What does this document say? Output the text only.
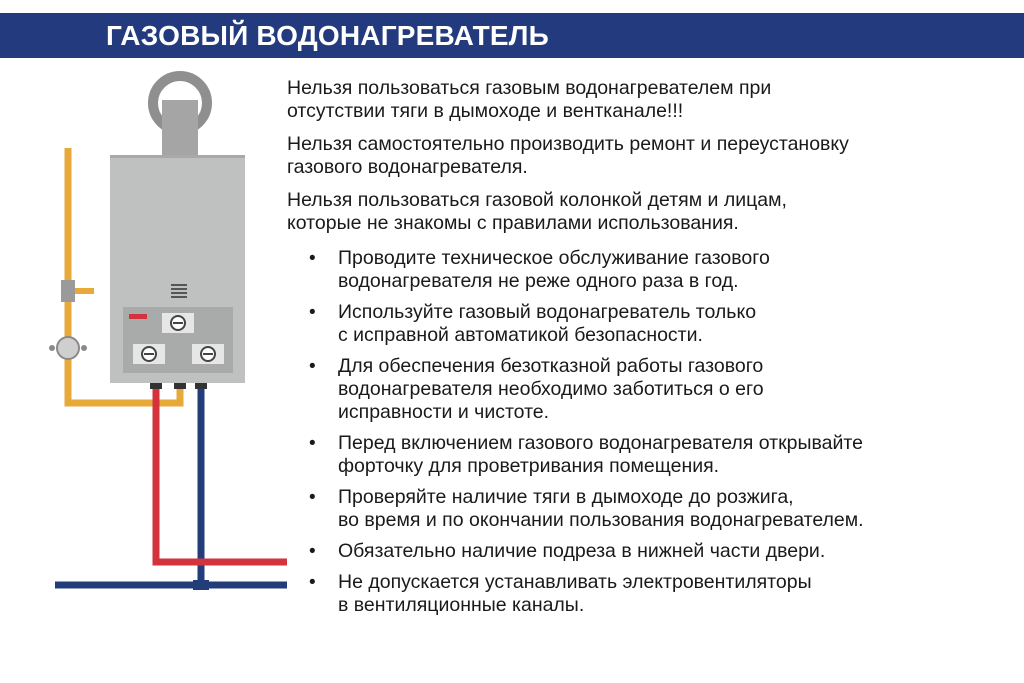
ГАЗОВЫЙ ВОДОНАГРЕВАТЕЛЬ

Нельзя пользоваться газовым водонагревателем при
отсутствии тяги в дымоходе и вентканале!!!

Нельзя самостоятельно производить ремонт и переустановку
газового водонагревателя.

Нельзя пользоваться газовой колонкой детям и лицам,
которые не знакомы с правилами использования.

• Проводите техническое обслуживание газового
водонагревателя не реже одного раза в год.
• Используйте газовый водонагреватель только
с исправной автоматикой безопасности.
• Для обеспечения безотказной работы газового
водонагревателя необходимо заботиться о его
исправности и чистоте.
• Перед включением газового водонагревателя открывайте
форточку для проветривания помещения.
• Проверяйте наличие тяги в дымоходе до розжига,
во время и по окончании пользования водонагревателем.
• Обязательно наличие подреза в нижней части двери.
• Не допускается устанавливать электровентиляторы
в вентиляционные каналы.
